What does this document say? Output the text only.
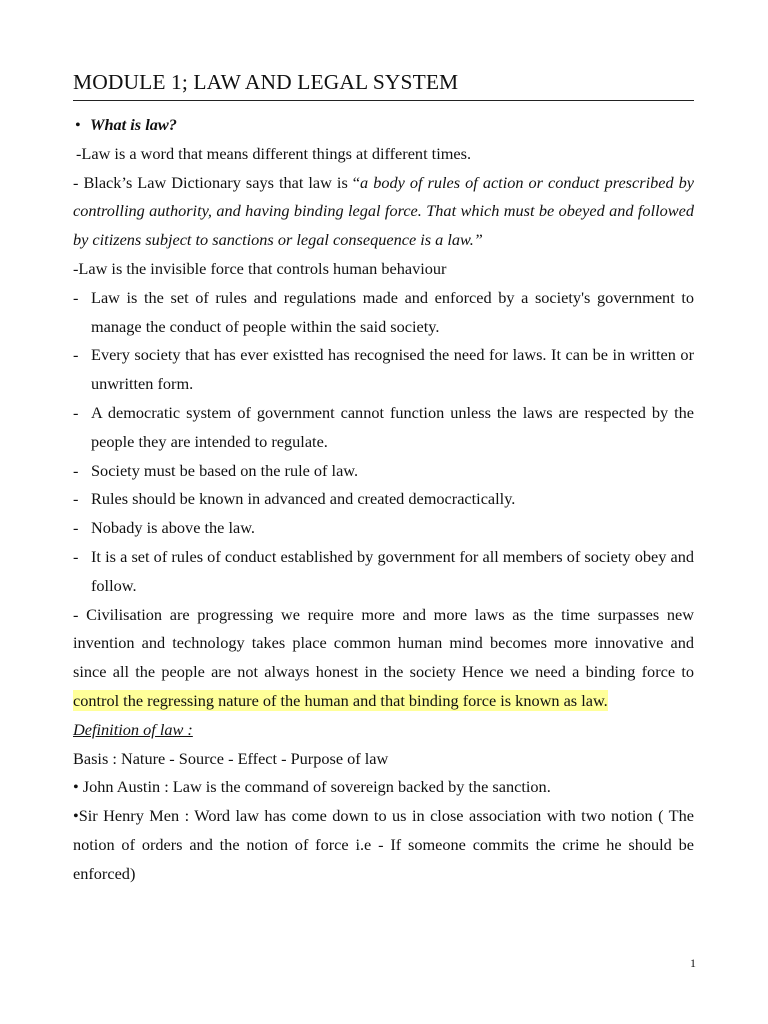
MODULE 1; LAW AND LEGAL SYSTEM

• What is law?

-Law is a word that means different things at different times.

- Black’s Law Dictionary says that law is “a body of rules of action or conduct prescribed by controlling authority, and having binding legal force. That which must be obeyed and followed by citizens subject to sanctions or legal consequence is a law.”

-Law is the invisible force that controls human behaviour

- Law is the set of rules and regulations made and enforced by a society's government to manage the conduct of people within the said society.

- Every society that has ever existted has recognised the need for laws. It can be in written or unwritten form.

- A democratic system of government cannot function unless the laws are respected by the people they are intended to regulate.

- Society must be based on the rule of law.

- Rules should be known in advanced and created democractically.

- Nobady is above the law.

- It is a set of rules of conduct established by government for all members of society obey and follow.

- Civilisation are progressing we require more and more laws as the time surpasses new invention and technology takes place common human mind becomes more innovative and since all the people are not always honest in the society Hence we need a binding force to control the regressing nature of the human and that binding force is known as law.

Definition of law :

Basis : Nature - Source - Effect - Purpose of law

• John Austin : Law is the command of sovereign backed by the sanction.

•Sir Henry Men : Word law has come down to us in close association with two notion ( The notion of orders and the notion of force i.e - If someone commits the crime he should be enforced)

1
